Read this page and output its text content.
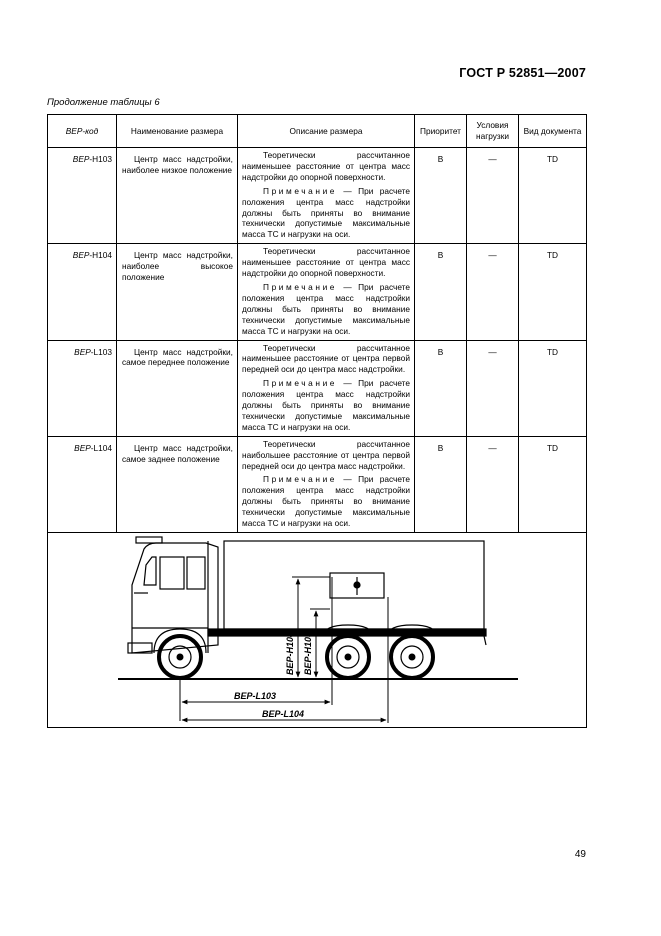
ГОСТ Р 52851—2007
Продолжение таблицы 6
ВЕР-код	Наименование размера	Описание размера	Приоритет	Условия нагрузки	Вид документа
ВЕР-Н103	Центр масс надстройки, наиболее низкое положение	Теоретически рассчитанное наименьшее расстояние от центра масс надстройки до опорной поверхности.

Примечание — При расчете положения центра масс надстройки должны быть приняты во внимание технически допустимые максимальные масса ТС и нагрузки на оси.	В	—	TD
ВЕР-Н104	Центр масс надстройки, наиболее высокое положение	Теоретически рассчитанное наименьшее расстояние от центра масс надстройки до опорной поверхности.

Примечание — При расчете положения центра масс надстройки должны быть приняты во внимание технически допустимые максимальные масса ТС и нагрузки на оси.	В	—	TD
ВЕР-L103	Центр масс надстройки, самое переднее положение	Теоретически рассчитанное наименьшее расстояние от центра первой передней оси до центра масс надстройки.

Примечание — При расчете положения центра масс надстройки должны быть приняты во внимание технически допустимые максимальные масса ТС и нагрузки на оси.	В	—	TD
ВЕР-L104	Центр масс надстройки, самое заднее положение	Теоретически рассчитанное наибольшее расстояние от центра первой передней оси до центра масс надстройки.

Примечание — При расчете положения центра масс надстройки должны быть приняты во внимание технически допустимые максимальные масса ТС и нагрузки на оси.	В	—	TD

ВЕР-Н104 ВЕР-Н103
ВЕР-L103
ВЕР-L104					
49
